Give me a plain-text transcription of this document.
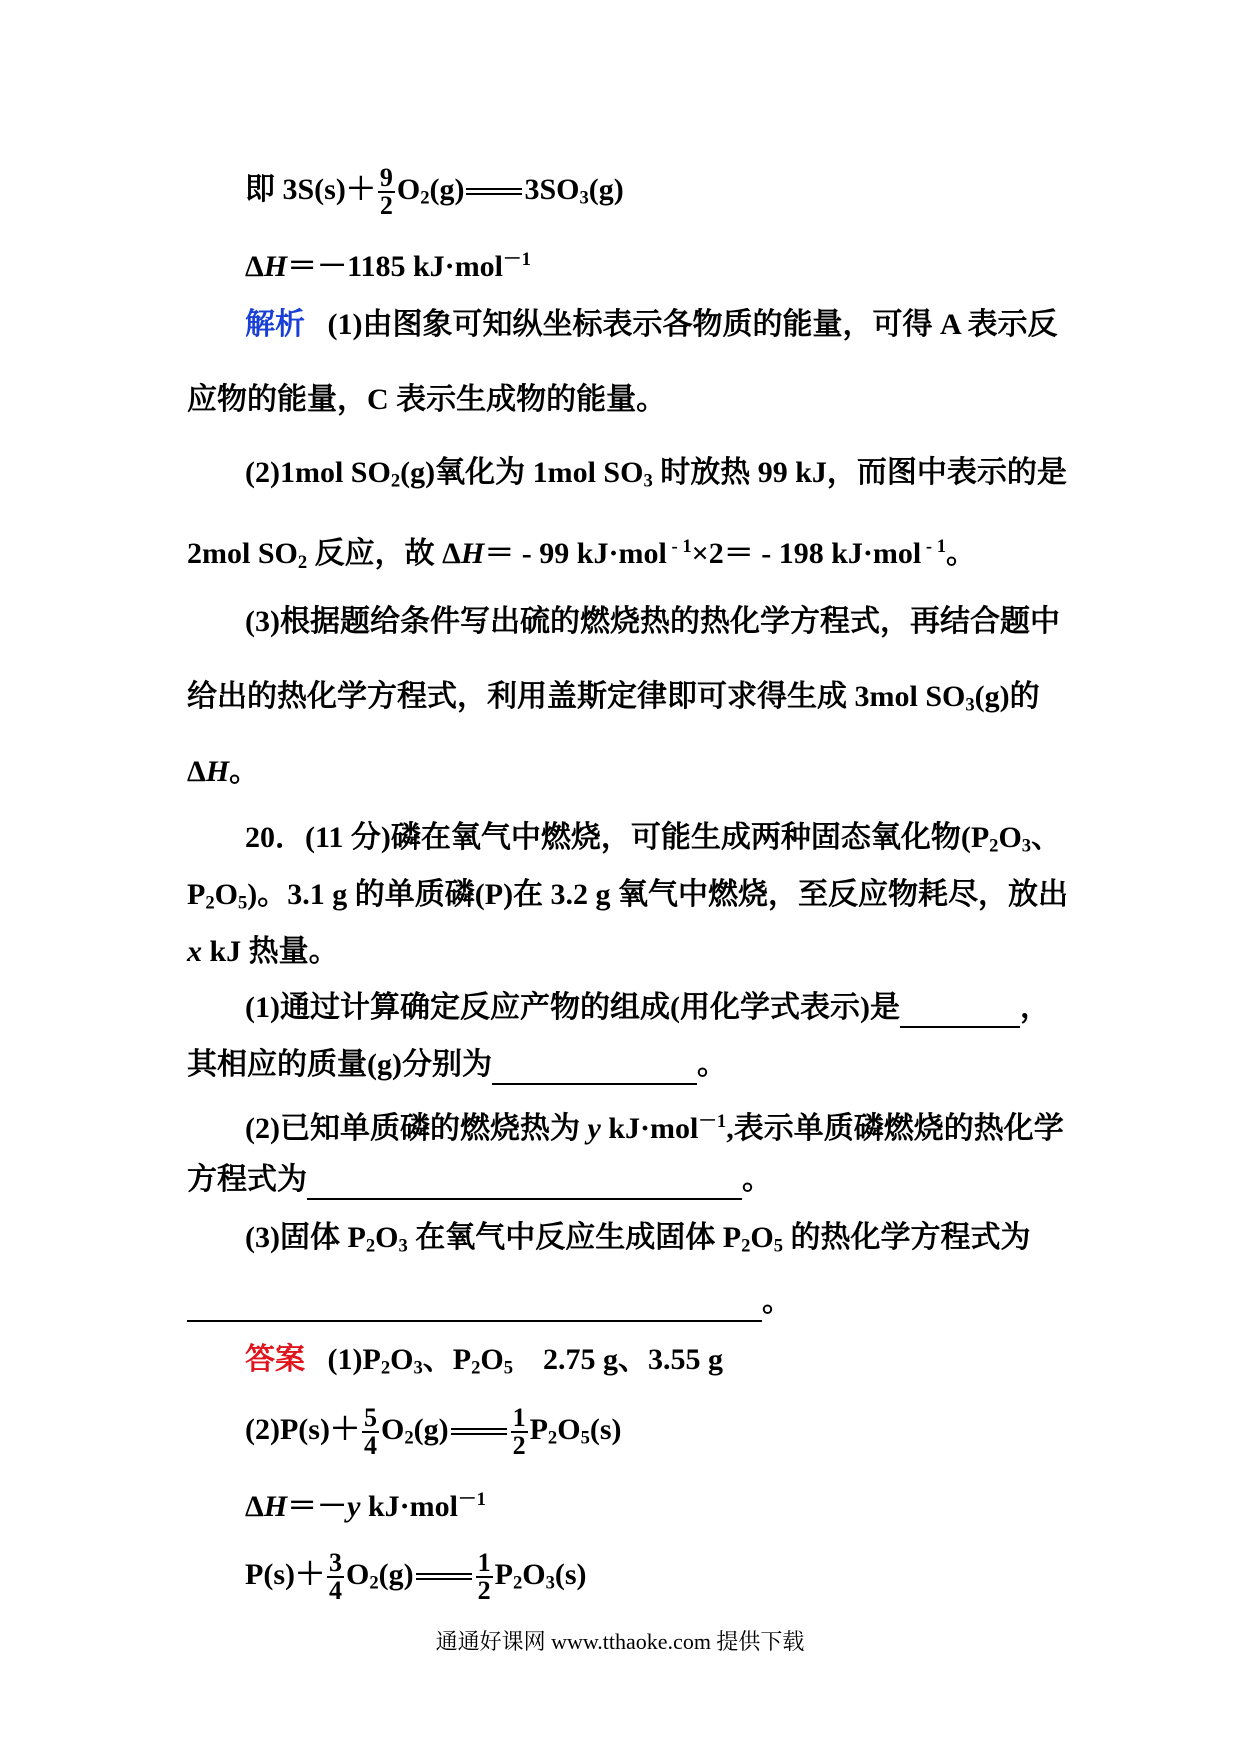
即 $3S(s)+ \frac{9}{2} O_2(g)$ $3SO_3(g)$
ΔH＝－1185 kJ·mol$^{-1}$
解析 (1)由图象可知纵坐标表示各物质的能量，可得 A 表示反
应物的能量，C 表示生成物的能量。
(2)1mol $SO_2(g)$氧化为 1mol $SO_3$ 时放热 99 kJ，而图中表示的是
2mol $SO_2$ 反应，故 ΔH＝ - 99 kJ·mol $^{- 1}$×2＝ - 198 kJ·mol $^{- 1}$。
(3)根据题给条件写出硫的燃烧热的热化学方程式，再结合题中
给出的热化学方程式，利用盖斯定律即可求得生成 3mol $SO_3(g)$的
ΔH。
20．(11 分)磷在氧气中燃烧，可能生成两种固态氧化物($P_2O_3$、
$P_2O_5$)。3.1 g 的单质磷(P)在 3.2 g 氧气中燃烧，至反应物耗尽，放出
x kJ 热量。
(1)通过计算确定反应产物的组成(用化学式表示)是	，
其相应的质量(g)分别为	。
(2)已知单质磷的燃烧热为 y kJ·mol$^{-1}$,表示单质磷燃烧的热化学
方程式为	。
(3)固体 $P_2O_3$ 在氧气中反应生成固体 $P_2O_5$ 的热化学方程式为
。
答案 $(1)P_2O_3$、$P_2O_5$ 2.75 g、3.55 g
$(2)P(s)+ \frac{5}{4} O_2(g) \frac{1}{2} P_2O_5(s)$
ΔH＝－y kJ·mol$^{-1}$
$P(s)+ \frac{3}{4} O_2(g) \frac{1}{2} P_2O_3(s)$
通通好课网 www.tthaoke.com 提供下载
